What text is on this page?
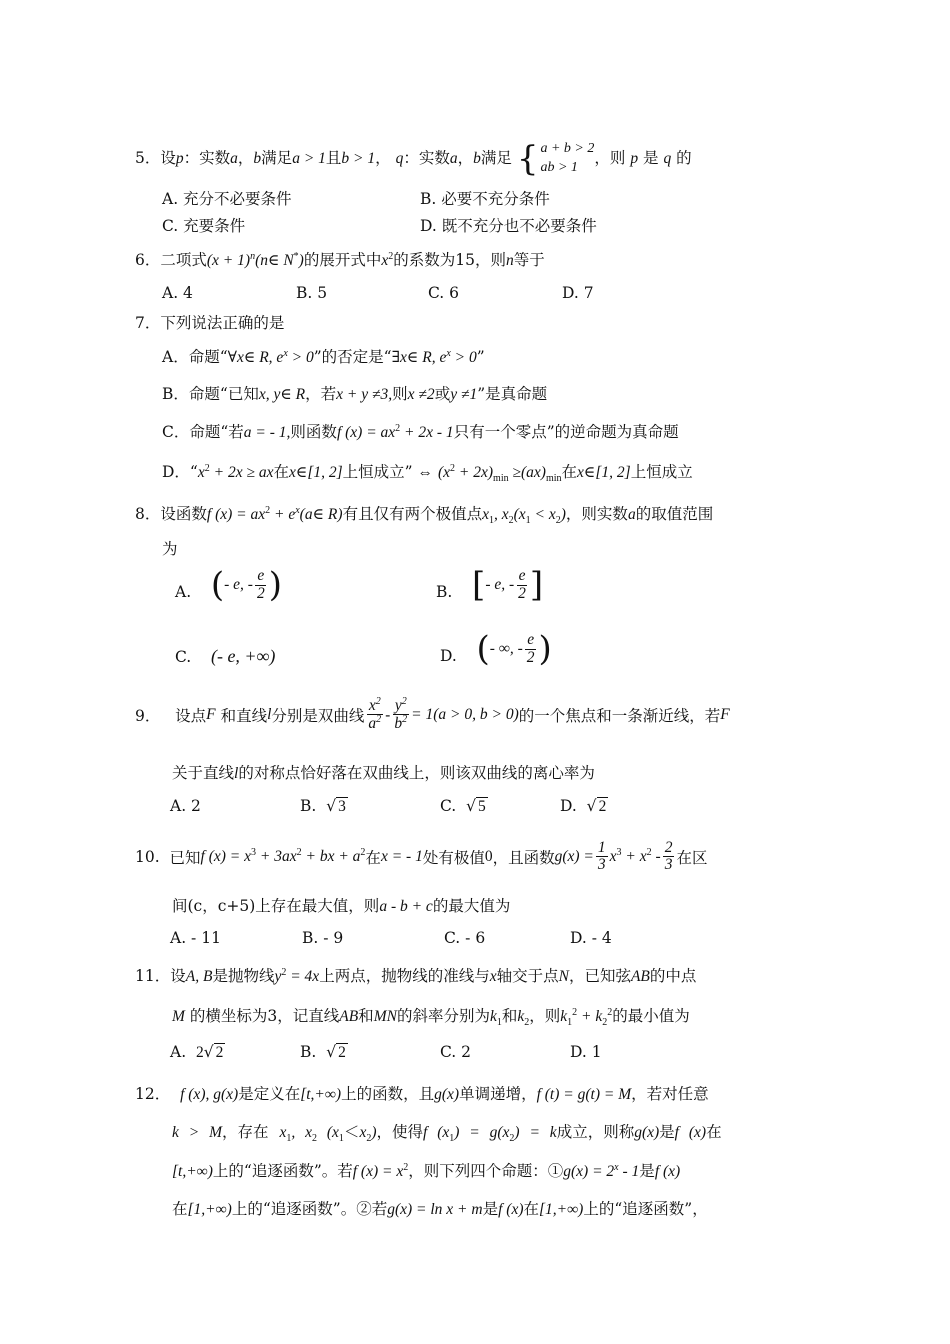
5．设p：实数a，b满足a > 1且b > 1， q：实数a，b满足 { a + b > 2
ab > 1
，则 p 是 q 的
A. 充分不必要条件	B. 必要不充分条件
C. 充要条件	D. 既不充分也不必要条件
6．二项式$(x + 1)^n(n\in$ N*)的展开式中$x^2$的系数为15，则n等于
A. 4	B. 5	C. 6	D. 7
7．下列说法正确的是
A．命题“∀x∈ R, $e^x > 0$”的否定是“∃x∈ R, $e^x > 0$”
B．命题“已知x, y∈ R，若x + y ≠3,则x ≠2或y ≠1”是真命题
C．命题“若a = - 1,则函数f $(x) = ax^2 + 2x - 1$只有一个零点”的逆命题为真命题
D．“$x^2 + 2x$ ≥ ax在x∈[1, 2]上恒成立” ⇔ $(x^2 + 2x)_{min} \ge(ax)_{min}$在x∈[1, 2]上恒成立
8．设函数f $(x) = ax^2$ + $e^x(a\in$ R)有且仅有两个极值点$x_1$, $x_2(x_1 < x_2)$，则实数a的取值范围
为
A. ( - e, - $\frac{e}{2}$ )	B. [ - e, - $\frac{e}{2}$ ]
C. (- e, +∞)	D. ( - ∞, - $\frac{e}{2}$ )
9． 设点F 和直线l分别是双曲线 $\frac{x^2}{a^2} - \frac{y^2}{b^2} = 1(a > 0$, b > 0)的一个焦点和一条渐近线，若F
关于直线l的对称点恰好落在双曲线上，则该双曲线的离心率为
A. 2	B. √ 3	C. √ 5	D. √ 2
10. 已知f $(x) = x^3 + 3ax^2$ + bx + $a^2$在x = - 1处有极值0，且函数$g(x) = \frac{1}{3} x^3 + x^2 - \frac{2}{3}$ 在区
间(c，c+5)上存在最大值，则a - b + c的最大值为
A. - 11	B. - 9	C. - 6	D. - 4
11．设A, B是抛物线$y^2 = 4x$上两点，抛物线的准线与x轴交于点N，已知弦AB的中点
M 的横坐标为3，记直线AB和MN的斜率分别为$k_1$和$k_2$，则$k_1^2 + k_2^2$的最小值为
A. 2√ 2	B. √ 2	C. 2	D. 1
12． f (x), g(x)是定义在[t,+∞)上的函数，且g(x)单调递增，f (t) = g(t) = M，若对任意
k > M，存在 $x_1$, $x_2$ $(x_1<x_2)$，使得f $(x_1) = g(x_2) = k$成立，则称g(x)是f (x)在
[t,+∞)上的“追逐函数”。若f $(x) = x^2$，则下列四个命题：①g(x) = $2^x - 1$是f (x)
在[1,+∞)上的“追逐函数”。②若g(x) = ln x + m是f (x)在[1,+∞)上的“追逐函数”，
